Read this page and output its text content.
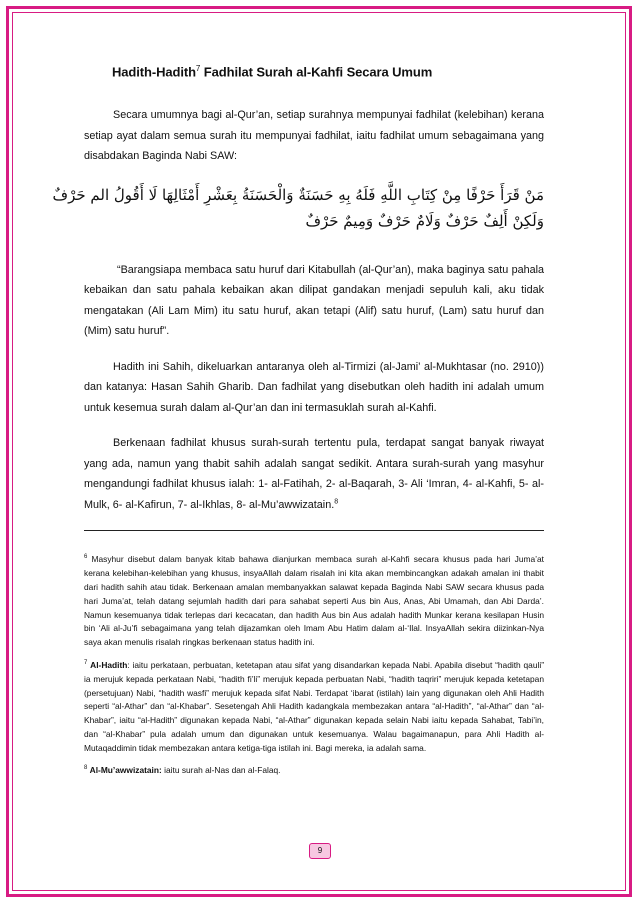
Hadith-Hadith$^7$ Fadhilat Surah al-Kahfi Secara Umum

Secara umumnya bagi al-Qur’an, setiap surahnya mempunyai fadhilat (kelebihan) kerana setiap ayat dalam semua surah itu mempunyai fadhilat, iaitu fadhilat umum sebagaimana yang disabdakan Baginda Nabi SAW:

مَنْ قَرَأَ حَرْفًا مِنْ كِتَابِ اللَّهِ فَلَهُ بِهِ حَسَنَةٌ وَالْحَسَنَةُ بِعَشْرِ أَمْثَالِهَا لَا أَقُولُ الم حَرْفٌ
وَلَكِنْ أَلِفٌ حَرْفٌ وَلَامٌ حَرْفٌ وَمِيمٌ حَرْفٌ

“Barangsiapa membaca satu huruf dari Kitabullah (al-Qur’an), maka baginya satu pahala kebaikan dan satu pahala kebaikan akan dilipat gandakan menjadi sepuluh kali, aku tidak mengatakan (Ali Lam Mim) itu satu huruf, akan tetapi (Alif) satu huruf, (Lam) satu huruf dan (Mim) satu huruf”.

Hadith ini Sahih, dikeluarkan antaranya oleh al-Tirmizi (al-Jami’ al-Mukhtasar (no. 2910)) dan katanya: Hasan Sahih Gharib. Dan fadhilat yang disebutkan oleh hadith ini adalah umum untuk kesemua surah dalam al-Qur’an dan ini termasuklah surah al-Kahfi.

Berkenaan fadhilat khusus surah-surah tertentu pula, terdapat sangat banyak riwayat yang ada, namun yang thabit sahih adalah sangat sedikit. Antara surah-surah yang masyhur mengandungi fadhilat khusus ialah: 1- al-Fatihah, 2- al-Baqarah, 3- Ali ‘Imran, 4- al-Kahfi, 5- al-Mulk, 6- al-Kafirun, 7- al-Ikhlas, 8- al-Mu’awwizatain.$^8$

$^6$ Masyhur disebut dalam banyak kitab bahawa dianjurkan membaca surah al-Kahfi secara khusus pada hari Juma’at kerana kelebihan-kelebihan yang khusus, insyaAllah dalam risalah ini kita akan membincangkan adakah amalan ini thabit dari hadith sahih atau tidak. Berkenaan amalan membanyakkan salawat kepada Baginda Nabi SAW secara khusus pada hari Juma’at, telah datang sejumlah hadith dari para sahabat seperti Aus bin Aus, Anas, Abi Umamah, dan Abi Darda’. Namun kesemuanya tidak terlepas dari kecacatan, dan hadith Aus bin Aus adalah hadith Munkar kerana kesilapan Husin bin ‘Ali al-Ju’fi sebagaimana yang telah dijazamkan oleh Imam Abu Hatim dalam al-‘Ilal. InsyaAllah sekira diizinkan-Nya saya akan menulis risalah ringkas berkenaan status hadith ini.
$^7$ Al-Hadith: iaitu perkataan, perbuatan, ketetapan atau sifat yang disandarkan kepada Nabi. Apabila disebut “hadith qauli” ia merujuk kepada perkataan Nabi, “hadith fi’li” merujuk kepada perbuatan Nabi, “hadith taqriri” merujuk kepada ketetapan (persetujuan) Nabi, “hadith wasfi” merujuk kepada sifat Nabi. Terdapat ‘ibarat (istilah) lain yang digunakan oleh Ahli Hadith seperti “al-Athar” dan “al-Khabar”. Sesetengah Ahli Hadith kadangkala membezakan antara “al-Hadith”, “al-Athar” dan “al-Khabar”, iaitu “al-Hadith” digunakan kepada Nabi, “al-Athar” digunakan kepada selain Nabi iaitu kepada Sahabat, Tabi’in, dan “al-Khabar” pula adalah umum dan digunakan untuk kesemuanya. Walau bagaimanapun, para Ahli Hadith al-Mutaqaddimin tidak membezakan antara ketiga-tiga istilah ini. Bagi mereka, ia adalah sama.
$^8$ Al-Mu’awwizatain: iaitu surah al-Nas dan al-Falaq.
9
